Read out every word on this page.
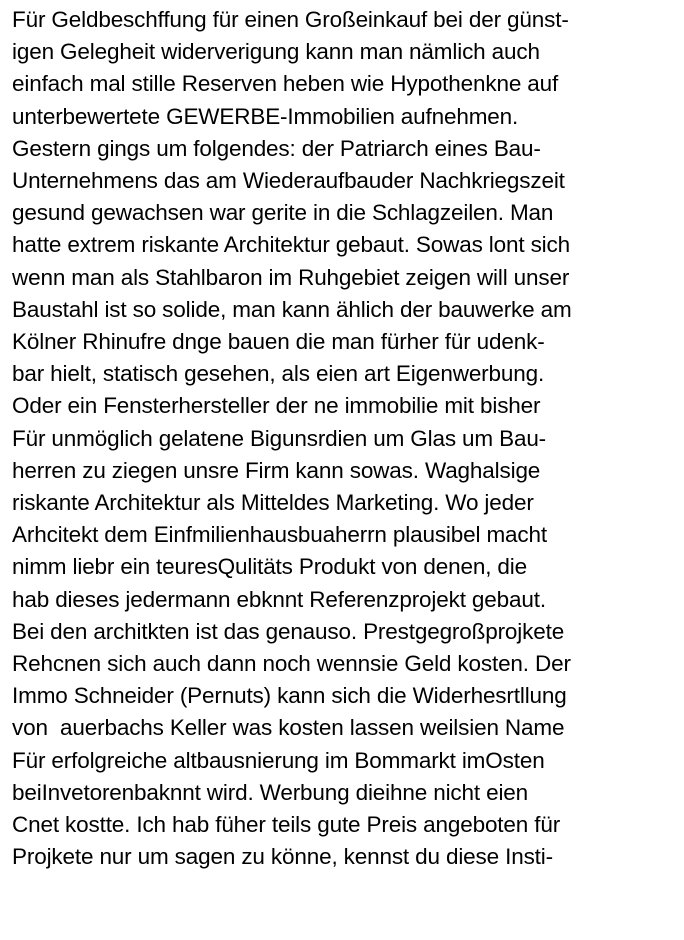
Für Geldbeschffung für einen Großeinkauf bei der günst-
igen Gelegheit widerverigung kann man nämlich auch
einfach mal stille Reserven heben wie Hypothenkne auf
unterbewertete GEWERBE-Immobilien aufnehmen.
Gestern gings um folgendes: der Patriarch eines Bau-
Unternehmens das am Wiederaufbauder Nachkriegszeit
gesund gewachsen war gerite in die Schlagzeilen. Man
hatte extrem riskante Architektur gebaut. Sowas lont sich
wenn man als Stahlbaron im Ruhgebiet zeigen will unser
Baustahl ist so solide, man kann ählich der bauwerke am
Kölner Rhinufre dnge bauen die man fürher für udenk-
bar hielt, statisch gesehen, als eien art Eigenwerbung.
Oder ein Fensterhersteller der ne immobilie mit bisher
Für unmöglich gelatene Bigunsrdien um Glas um Bau-
herren zu ziegen unsre Firm kann sowas. Waghalsige
riskante Architektur als Mitteldes Marketing. Wo jeder
Arhcitekt dem Einfmilienhausbuaherrn plausibel macht
nimm liebr ein teuresQulitäts Produkt von denen, die
hab dieses jedermann ebknnt Referenzprojekt gebaut.
Bei den architkten ist das genauso. Prestgegroßprojkete
Rehcnen sich auch dann noch wennsie Geld kosten. Der
Immo Schneider (Pernuts) kann sich die Widerhesrtllung
von  auerbachs Keller was kosten lassen weilsien Name
Für erfolgreiche altbausnierung im Bommarkt imOsten
beiInvetorenbaknnt wird. Werbung dieihne nicht eien
Cnet kostte. Ich hab füher teils gute Preis angeboten für
Projkete nur um sagen zu könne, kennst du diese Insti-
